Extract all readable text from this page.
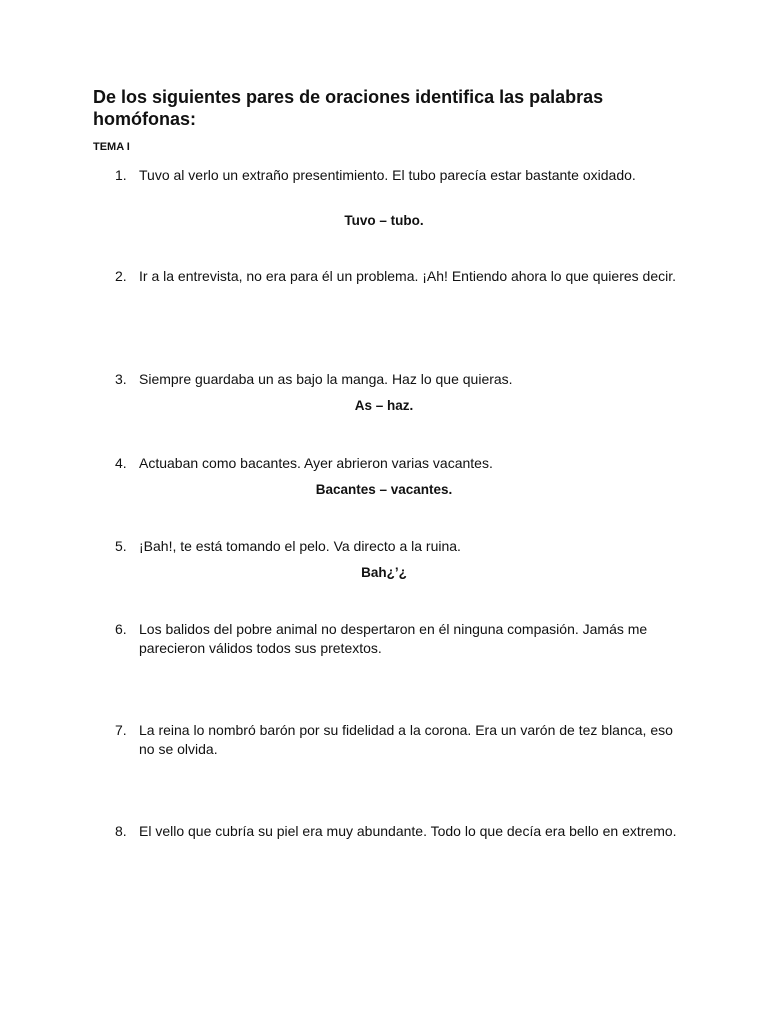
De los siguientes pares de oraciones identifica las palabras homófonas:
TEMA I
1. Tuvo al verlo un extraño presentimiento. El tubo parecía estar bastante oxidado.

Tuvo – tubo.

2. Ir a la entrevista, no era para él un problema. ¡Ah! Entiendo ahora lo que quieres decir.

3. Siempre guardaba un as bajo la manga. Haz lo que quieras.

As – haz.

4. Actuaban como bacantes. Ayer abrieron varias vacantes.

Bacantes – vacantes.

5. ¡Bah!, te está tomando el pelo. Va directo a la ruina.

Bah¿’¿

6. Los balidos del pobre animal no despertaron en él ninguna compasión. Jamás me parecieron válidos todos sus pretextos.

7. La reina lo nombró barón por su fidelidad a la corona. Era un varón de tez blanca, eso no se olvida.

8. El vello que cubría su piel era muy abundante. Todo lo que decía era bello en extremo.
